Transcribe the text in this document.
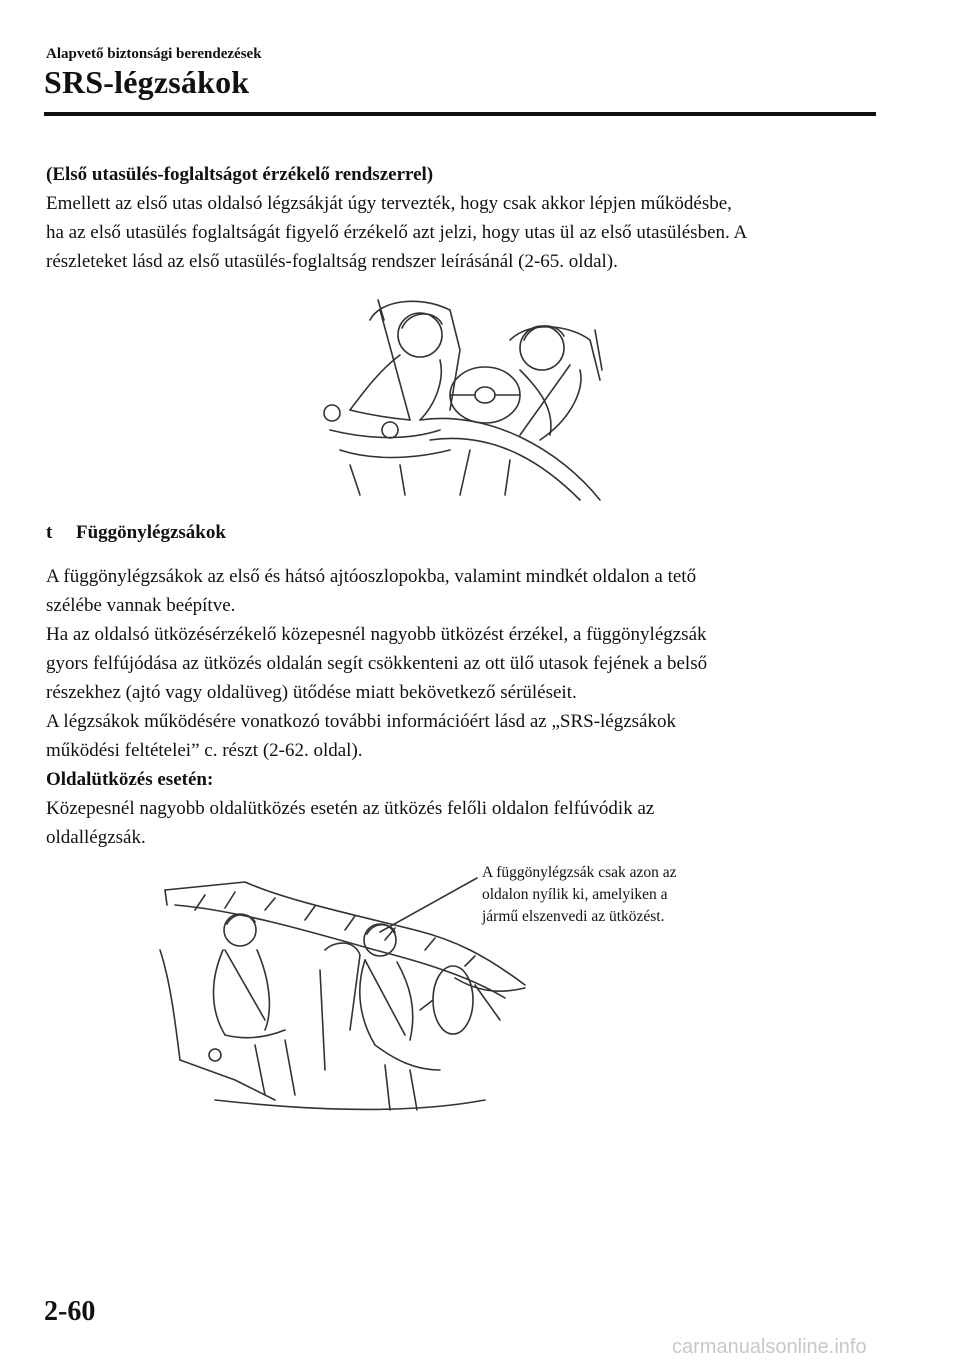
Alapvető biztonsági berendezések
SRS-légzsákok

(Első utasülés-foglaltságot érzékelő rendszerrel)

Emellett az első utas oldalsó légzsákját úgy tervezték, hogy csak akkor lépjen működésbe,

ha az első utasülés foglaltságát figyelő érzékelő azt jelzi, hogy utas ül az első utasülésben. A

részleteket lásd az első utasülés-foglaltság rendszer leírásánál (2-65. oldal).

t Függönylégzsákok

A függönylégzsákok az első és hátsó ajtóoszlopokba, valamint mindkét oldalon a tető

szélébe vannak beépítve.

Ha az oldalsó ütközésérzékelő közepesnél nagyobb ütközést érzékel, a függönylégzsák

gyors felfújódása az ütközés oldalán segít csökkenteni az ott ülő utasok fejének a belső

részekhez (ajtó vagy oldalüveg) ütődése miatt bekövetkező sérüléseit.

A légzsákok működésére vonatkozó további információért lásd az „SRS-légzsákok

működési feltételei” c. részt (2-62. oldal).

Oldalütközés esetén:

Közepesnél nagyobb oldalütközés esetén az ütközés felőli oldalon felfúvódik az

oldallégzsák.

A függönylégzsák csak azon az

oldalon nyílik ki, amelyiken a

jármű elszenvedi az ütközést.

2-60
carmanualsonline.info
